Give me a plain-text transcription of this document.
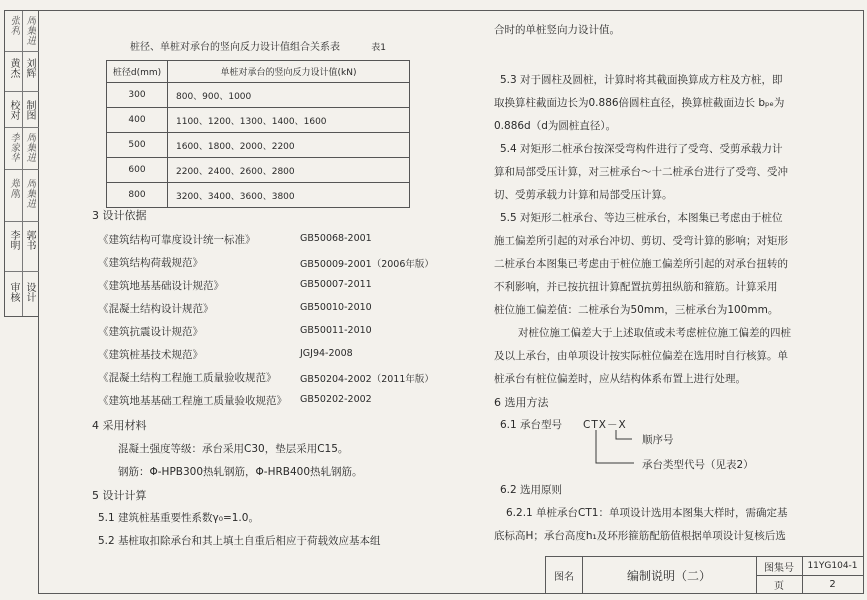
张利 周集进
黄杰 刘辉
校对 制图
李家华 周集进
郑刚 周集进
李明 郭书
审核 设计
桩径、单桩对承台的竖向反力设计值组合关系表	表1
桩径d(mm)	单桩对承台的竖向反力设计值(kN)
300	800、900、1000
400	1100、1200、1300、1400、1600
500	1600、1800、2000、2200
600	2200、2400、2600、2800
800	3200、3400、3600、3800
3 设计依据
《建筑结构可靠度设计统一标准》	GB50068-2001
《建筑结构荷载规范》	GB50009-2001（2006年版）
《建筑地基基础设计规范》	GB50007-2011
《混凝土结构设计规范》	GB50010-2010
《建筑抗震设计规范》	GB50011-2010
《建筑桩基技术规范》	JGJ94-2008
《混凝土结构工程施工质量验收规范》 GB50204-2002（2011年版）
《建筑地基基础工程施工质量验收规范》 GB50202-2002
4 采用材料
混凝土强度等级：承台采用C30，垫层采用C15。
钢筋：Φ-HPB300热轧钢筋，Φ-HRB400热轧钢筋。
5 设计计算
5.1 建筑桩基重要性系数γ₀=1.0。
5.2 基桩取扣除承台和其上填土自重后相应于荷载效应基本组
合时的单桩竖向力设计值。
5.3 对于圆柱及圆桩，计算时将其截面换算成方柱及方桩，即
取换算柱截面边长为0.886倍圆柱直径，换算桩截面边长 bₚₑ为
0.886d（d为圆桩直径）。
5.4 对矩形二桩承台按深受弯构件进行了受弯、受剪承载力计
算和局部受压计算，对三桩承台～十二桩承台进行了受弯、受冲
切、受剪承载力计算和局部受压计算。
5.5 对矩形二桩承台、等边三桩承台，本图集已考虑由于桩位
施工偏差所引起的对承台冲切、剪切、受弯计算的影响；对矩形
二桩承台本图集已考虑由于桩位施工偏差所引起的对承台扭转的
不利影响，并已按抗扭计算配置抗剪扭纵筋和箍筋。计算采用
桩位施工偏差值：二桩承台为50mm，三桩承台为100mm。
对桩位施工偏差大于上述取值或未考虑桩位施工偏差的四桩
及以上承台，由单项设计按实际桩位偏差在选用时自行核算。单
桩承台有桩位偏差时，应从结构体系布置上进行处理。
6 选用方法
6.1 承台型号 CTX－X
顺序号
承台类型代号（见表2）
6.2 选用原则
6.2.1 单桩承台CT1：单项设计选用本图集大样时，需确定基
底标高H；承台高度h₁及环形箍筋配筋值根据单项设计复核后选
图名	编制说明（二）
图集号	11YG104-1
页	2
